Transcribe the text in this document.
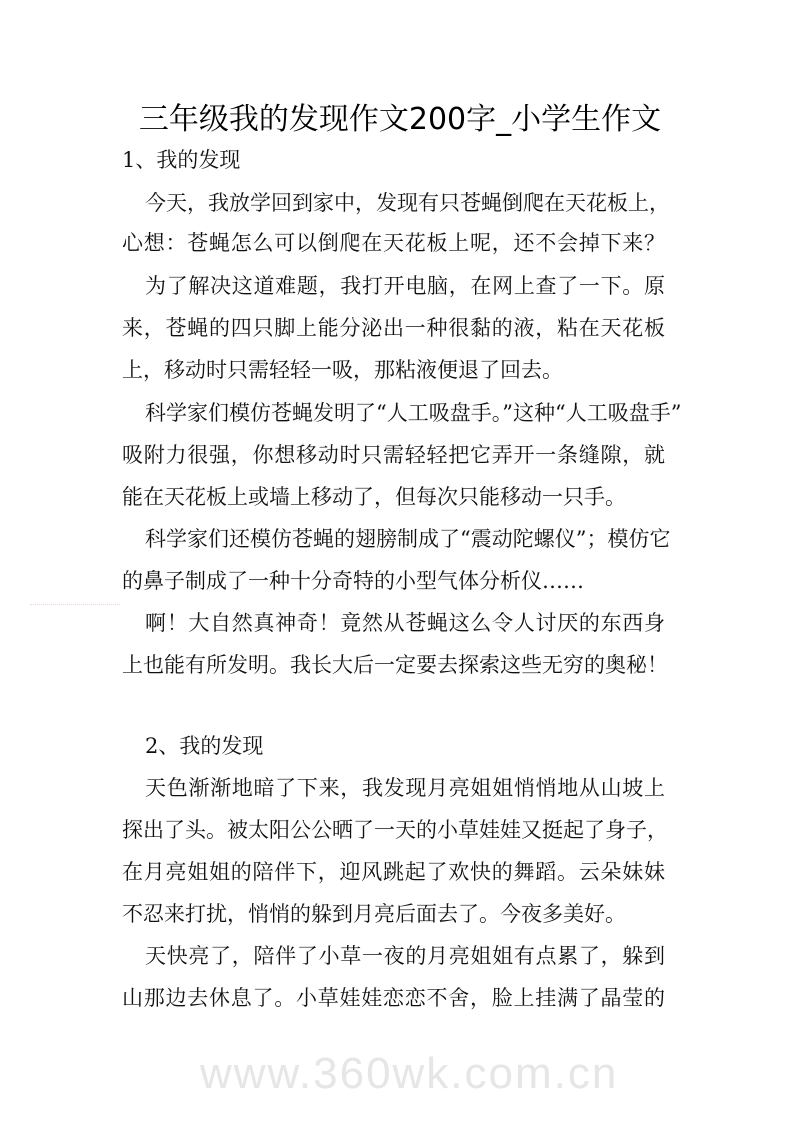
三年级我的发现作文200字_小学生作文
1、我的发现
今天，我放学回到家中，发现有只苍蝇倒爬在天花板上，
心想：苍蝇怎么可以倒爬在天花板上呢，还不会掉下来？
为了解决这道难题，我打开电脑，在网上查了一下。原
来，苍蝇的四只脚上能分泌出一种很黏的液，粘在天花板
上，移动时只需轻轻一吸，那粘液便退了回去。
科学家们模仿苍蝇发明了“人工吸盘手。”这种“人工吸盘手”
吸附力很强，你想移动时只需轻轻把它弄开一条缝隙，就
能在天花板上或墙上移动了，但每次只能移动一只手。
科学家们还模仿苍蝇的翅膀制成了“震动陀螺仪”；模仿它
的鼻子制成了一种十分奇特的小型气体分析仪……
啊！大自然真神奇！竟然从苍蝇这么令人讨厌的东西身
上也能有所发明。我长大后一定要去探索这些无穷的奥秘！
2、我的发现
天色渐渐地暗了下来，我发现月亮姐姐悄悄地从山坡上
探出了头。被太阳公公晒了一天的小草娃娃又挺起了身子，
在月亮姐姐的陪伴下，迎风跳起了欢快的舞蹈。云朵妹妹
不忍来打扰，悄悄的躲到月亮后面去了。今夜多美好。
天快亮了，陪伴了小草一夜的月亮姐姐有点累了，躲到
山那边去休息了。小草娃娃恋恋不舍，脸上挂满了晶莹的
www.360wk.com.cn
